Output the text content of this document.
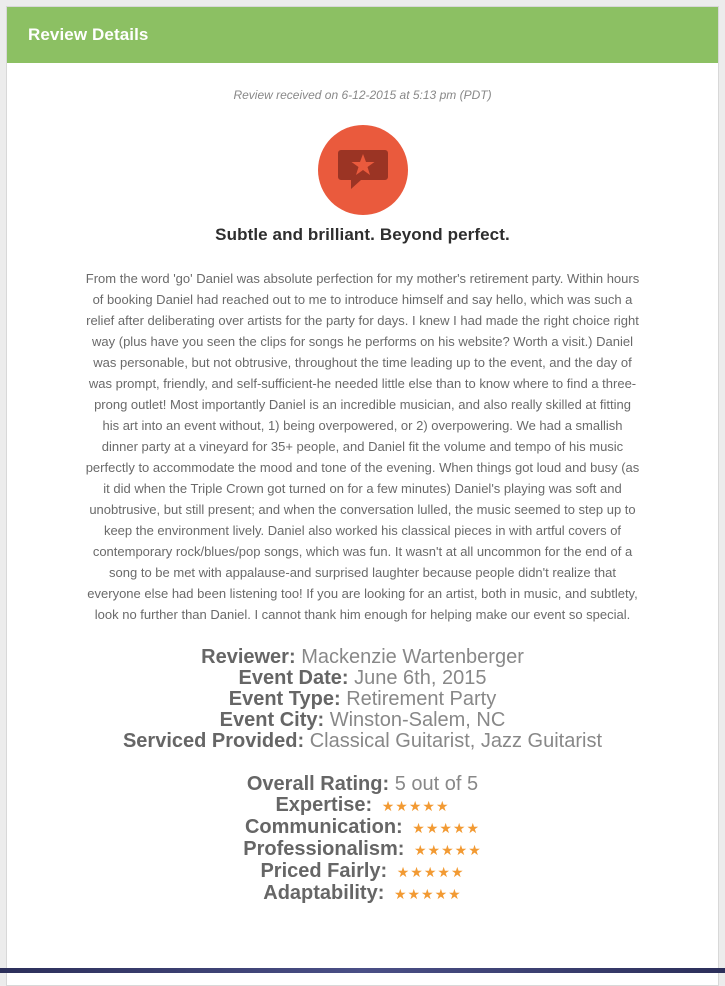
Review Details
Review received on 6-12-2015 at 5:13 pm (PDT)
Subtle and brilliant. Beyond perfect.
From the word 'go' Daniel was absolute perfection for my mother's retirement party. Within hours of booking Daniel had reached out to me to introduce himself and say hello, which was such a relief after deliberating over artists for the party for days. I knew I had made the right choice right way (plus have you seen the clips for songs he performs on his website? Worth a visit.) Daniel was personable, but not obtrusive, throughout the time leading up to the event, and the day of was prompt, friendly, and self-sufficient-he needed little else than to know where to find a three-prong outlet! Most importantly Daniel is an incredible musician, and also really skilled at fitting his art into an event without, 1) being overpowered, or 2) overpowering. We had a smallish dinner party at a vineyard for 35+ people, and Daniel fit the volume and tempo of his music perfectly to accommodate the mood and tone of the evening. When things got loud and busy (as it did when the Triple Crown got turned on for a few minutes) Daniel's playing was soft and unobtrusive, but still present; and when the conversation lulled, the music seemed to step up to keep the environment lively. Daniel also worked his classical pieces in with artful covers of contemporary rock/blues/pop songs, which was fun. It wasn't at all uncommon for the end of a song to be met with appalause-and surprised laughter because people didn't realize that everyone else had been listening too! If you are looking for an artist, both in music, and subtlety, look no further than Daniel. I cannot thank him enough for helping make our event so special.
Reviewer: Mackenzie Wartenberger
Event Date: June 6th, 2015
Event Type: Retirement Party
Event City: Winston-Salem, NC
Serviced Provided: Classical Guitarist, Jazz Guitarist
Overall Rating: 5 out of 5
Expertise: ★★★★★
Communication: ★★★★★
Professionalism: ★★★★★
Priced Fairly: ★★★★★
Adaptability: ★★★★★
